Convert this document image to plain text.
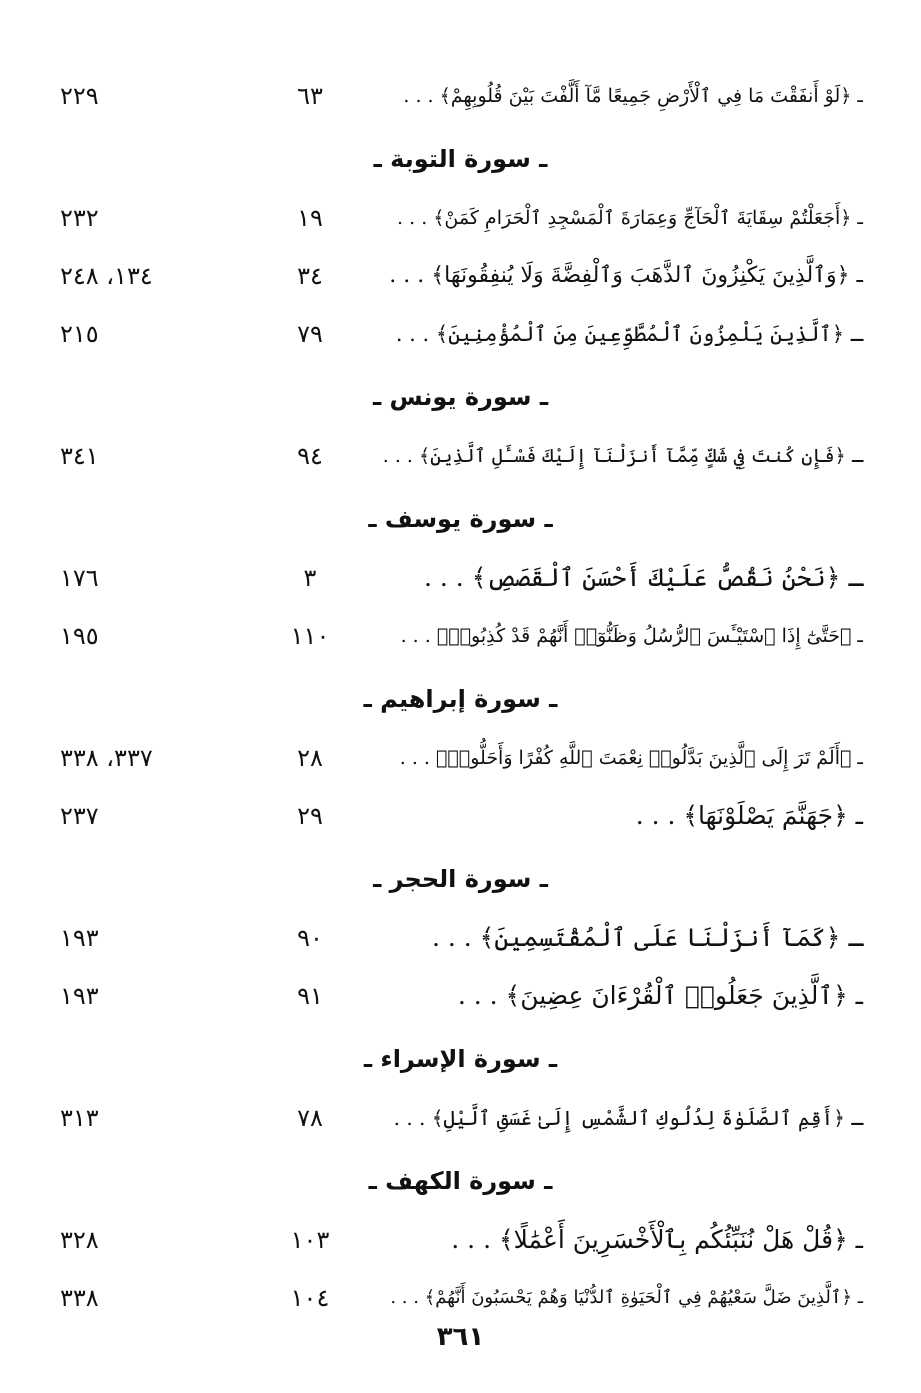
ـ ﴿لَوْ أَنفَقْتَ مَا فِي ٱلْأَرْضِ جَمِيعًا مَّآ أَلَّفْتَ بَيْنَ قُلُوبِهِمْ﴾ . . .
٦٣
٢٢٩
ـ سورة التوبة ـ
ـ ﴿أَجَعَلْتُمْ سِقَايَةَ ٱلْحَآجِّ وَعِمَارَةَ ٱلْمَسْجِدِ ٱلْحَرَامِ كَمَنْ﴾ . . .
١٩
٢٣٢
ـ ﴿وَٱلَّذِينَ يَكْنِزُونَ ٱلذَّهَبَ وَٱلْفِضَّةَ وَلَا يُنفِقُونَهَا﴾ . . .
٣٤
١٣٤، ٢٤٨
ـ ﴿ٱلَّذِينَ يَلْمِزُونَ ٱلْمُطَّوِّعِينَ مِنَ ٱلْمُؤْمِنِينَ﴾ . . .
٧٩
٢١٥
ـ سورة يونس ـ
ـ ﴿فَإِن كُنتَ فِي شَكٍّ مِّمَّآ أَنزَلْنَآ إِلَيْكَ فَسْـَٔلِ ٱلَّذِينَ﴾ . . .
٩٤
٣٤١
ـ سورة يوسف ـ
ـ ﴿نَحْنُ نَقُصُّ عَلَيْكَ أَحْسَنَ ٱلْقَصَصِ﴾ . . .
٣
١٧٦
ـ ﴿حَتَّىٰٓ إِذَا ٱسْتَيْـَٔسَ ٱلرُّسُلُ وَظَنُّوٓا۟ أَنَّهُمْ قَدْ كُذِبُوا۟﴾ . . .
١١٠
١٩٥
ـ سورة إبراهيم ـ
ـ ﴿أَلَمْ تَرَ إِلَى ٱلَّذِينَ بَدَّلُوا۟ نِعْمَتَ ٱللَّهِ كُفْرًا وَأَحَلُّوا۟﴾ . . .
٢٨
٣٣٧، ٣٣٨
ـ ﴿جَهَنَّمَ يَصْلَوْنَهَا﴾ . . .
٢٩
٢٣٧
ـ سورة الحجر ـ
ـ ﴿كَمَآ أَنزَلْنَا عَلَى ٱلْمُقْتَسِمِينَ﴾ . . .
٩٠
١٩٣
ـ ﴿ٱلَّذِينَ جَعَلُوا۟ ٱلْقُرْءَانَ عِضِينَ﴾ . . .
٩١
١٩٣
ـ سورة الإسراء ـ
ـ ﴿أَقِمِ ٱلصَّلَوٰةَ لِدُلُوكِ ٱلشَّمْسِ إِلَىٰ غَسَقِ ٱلَّيْلِ﴾ . . .
٧٨
٣١٣
ـ سورة الكهف ـ
ـ ﴿قُلْ هَلْ نُنَبِّئُكُم بِٱلْأَخْسَرِينَ أَعْمَٰلًا﴾ . . .
١٠٣
٣٢٨
ـ ﴿ٱلَّذِينَ ضَلَّ سَعْيُهُمْ فِي ٱلْحَيَوٰةِ ٱلدُّنْيَا وَهُمْ يَحْسَبُونَ أَنَّهُمْ﴾ . . .
١٠٤
٣٣٨
٣٦١
